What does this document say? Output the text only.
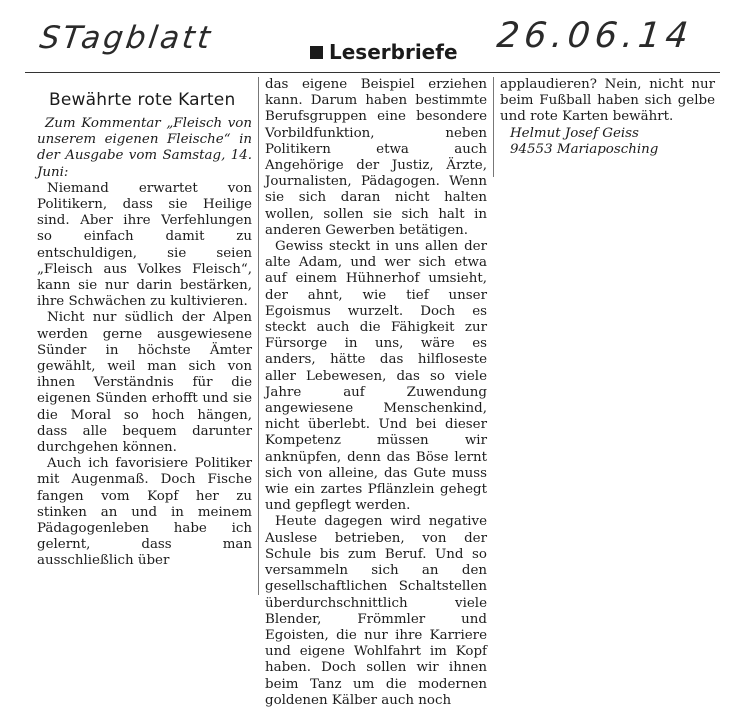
STagblatt	26.06.14
Leserbriefe
Bewährte rote Karten

Zum Kommentar „Fleisch von unserem eigenen Fleische“ in der Ausgabe vom Samstag, 14. Juni:

Niemand erwartet von Politikern, dass sie Heilige sind. Aber ihre Verfehlungen so einfach damit zu entschuldigen, sie seien „Fleisch aus Volkes Fleisch“, kann sie nur darin bestärken, ihre Schwächen zu kultivieren.

Nicht nur südlich der Alpen werden gerne ausgewiesene Sünder in höchste Ämter gewählt, weil man sich von ihnen Verständnis für die eigenen Sünden erhofft und sie die Moral so hoch hängen, dass alle bequem darunter durchgehen können.

Auch ich favorisiere Politiker mit Augenmaß. Doch Fische fangen vom Kopf her zu stinken an und in meinem Pädagogenleben habe ich gelernt, dass man ausschließlich über

das eigene Beispiel erziehen kann. Darum haben bestimmte Berufsgruppen eine besondere Vorbildfunktion, neben Politikern etwa auch Angehörige der Justiz, Ärzte, Journalisten, Pädagogen. Wenn sie sich daran nicht halten wollen, sollen sie sich halt in anderen Gewerben betätigen.

Gewiss steckt in uns allen der alte Adam, und wer sich etwa auf einem Hühnerhof umsieht, der ahnt, wie tief unser Egoismus wurzelt. Doch es steckt auch die Fähigkeit zur Fürsorge in uns, wäre es anders, hätte das hilfloseste aller Lebewesen, das so viele Jahre auf Zuwendung angewiesene Menschenkind, nicht überlebt. Und bei dieser Kompetenz müssen wir anknüpfen, denn das Böse lernt sich von alleine, das Gute muss wie ein zartes Pflänzlein gehegt und gepflegt werden.

Heute dagegen wird negative Auslese betrieben, von der Schule bis zum Beruf. Und so versammeln sich an den gesellschaftlichen Schaltstellen überdurchschnittlich viele Blender, Frömmler und Egoisten, die nur ihre Karriere und eigene Wohlfahrt im Kopf haben. Doch sollen wir ihnen beim Tanz um die modernen goldenen Kälber auch noch

applaudieren? Nein, nicht nur beim Fußball haben sich gelbe und rote Karten bewährt.

Helmut Josef Geiss

94553 Mariaposching
